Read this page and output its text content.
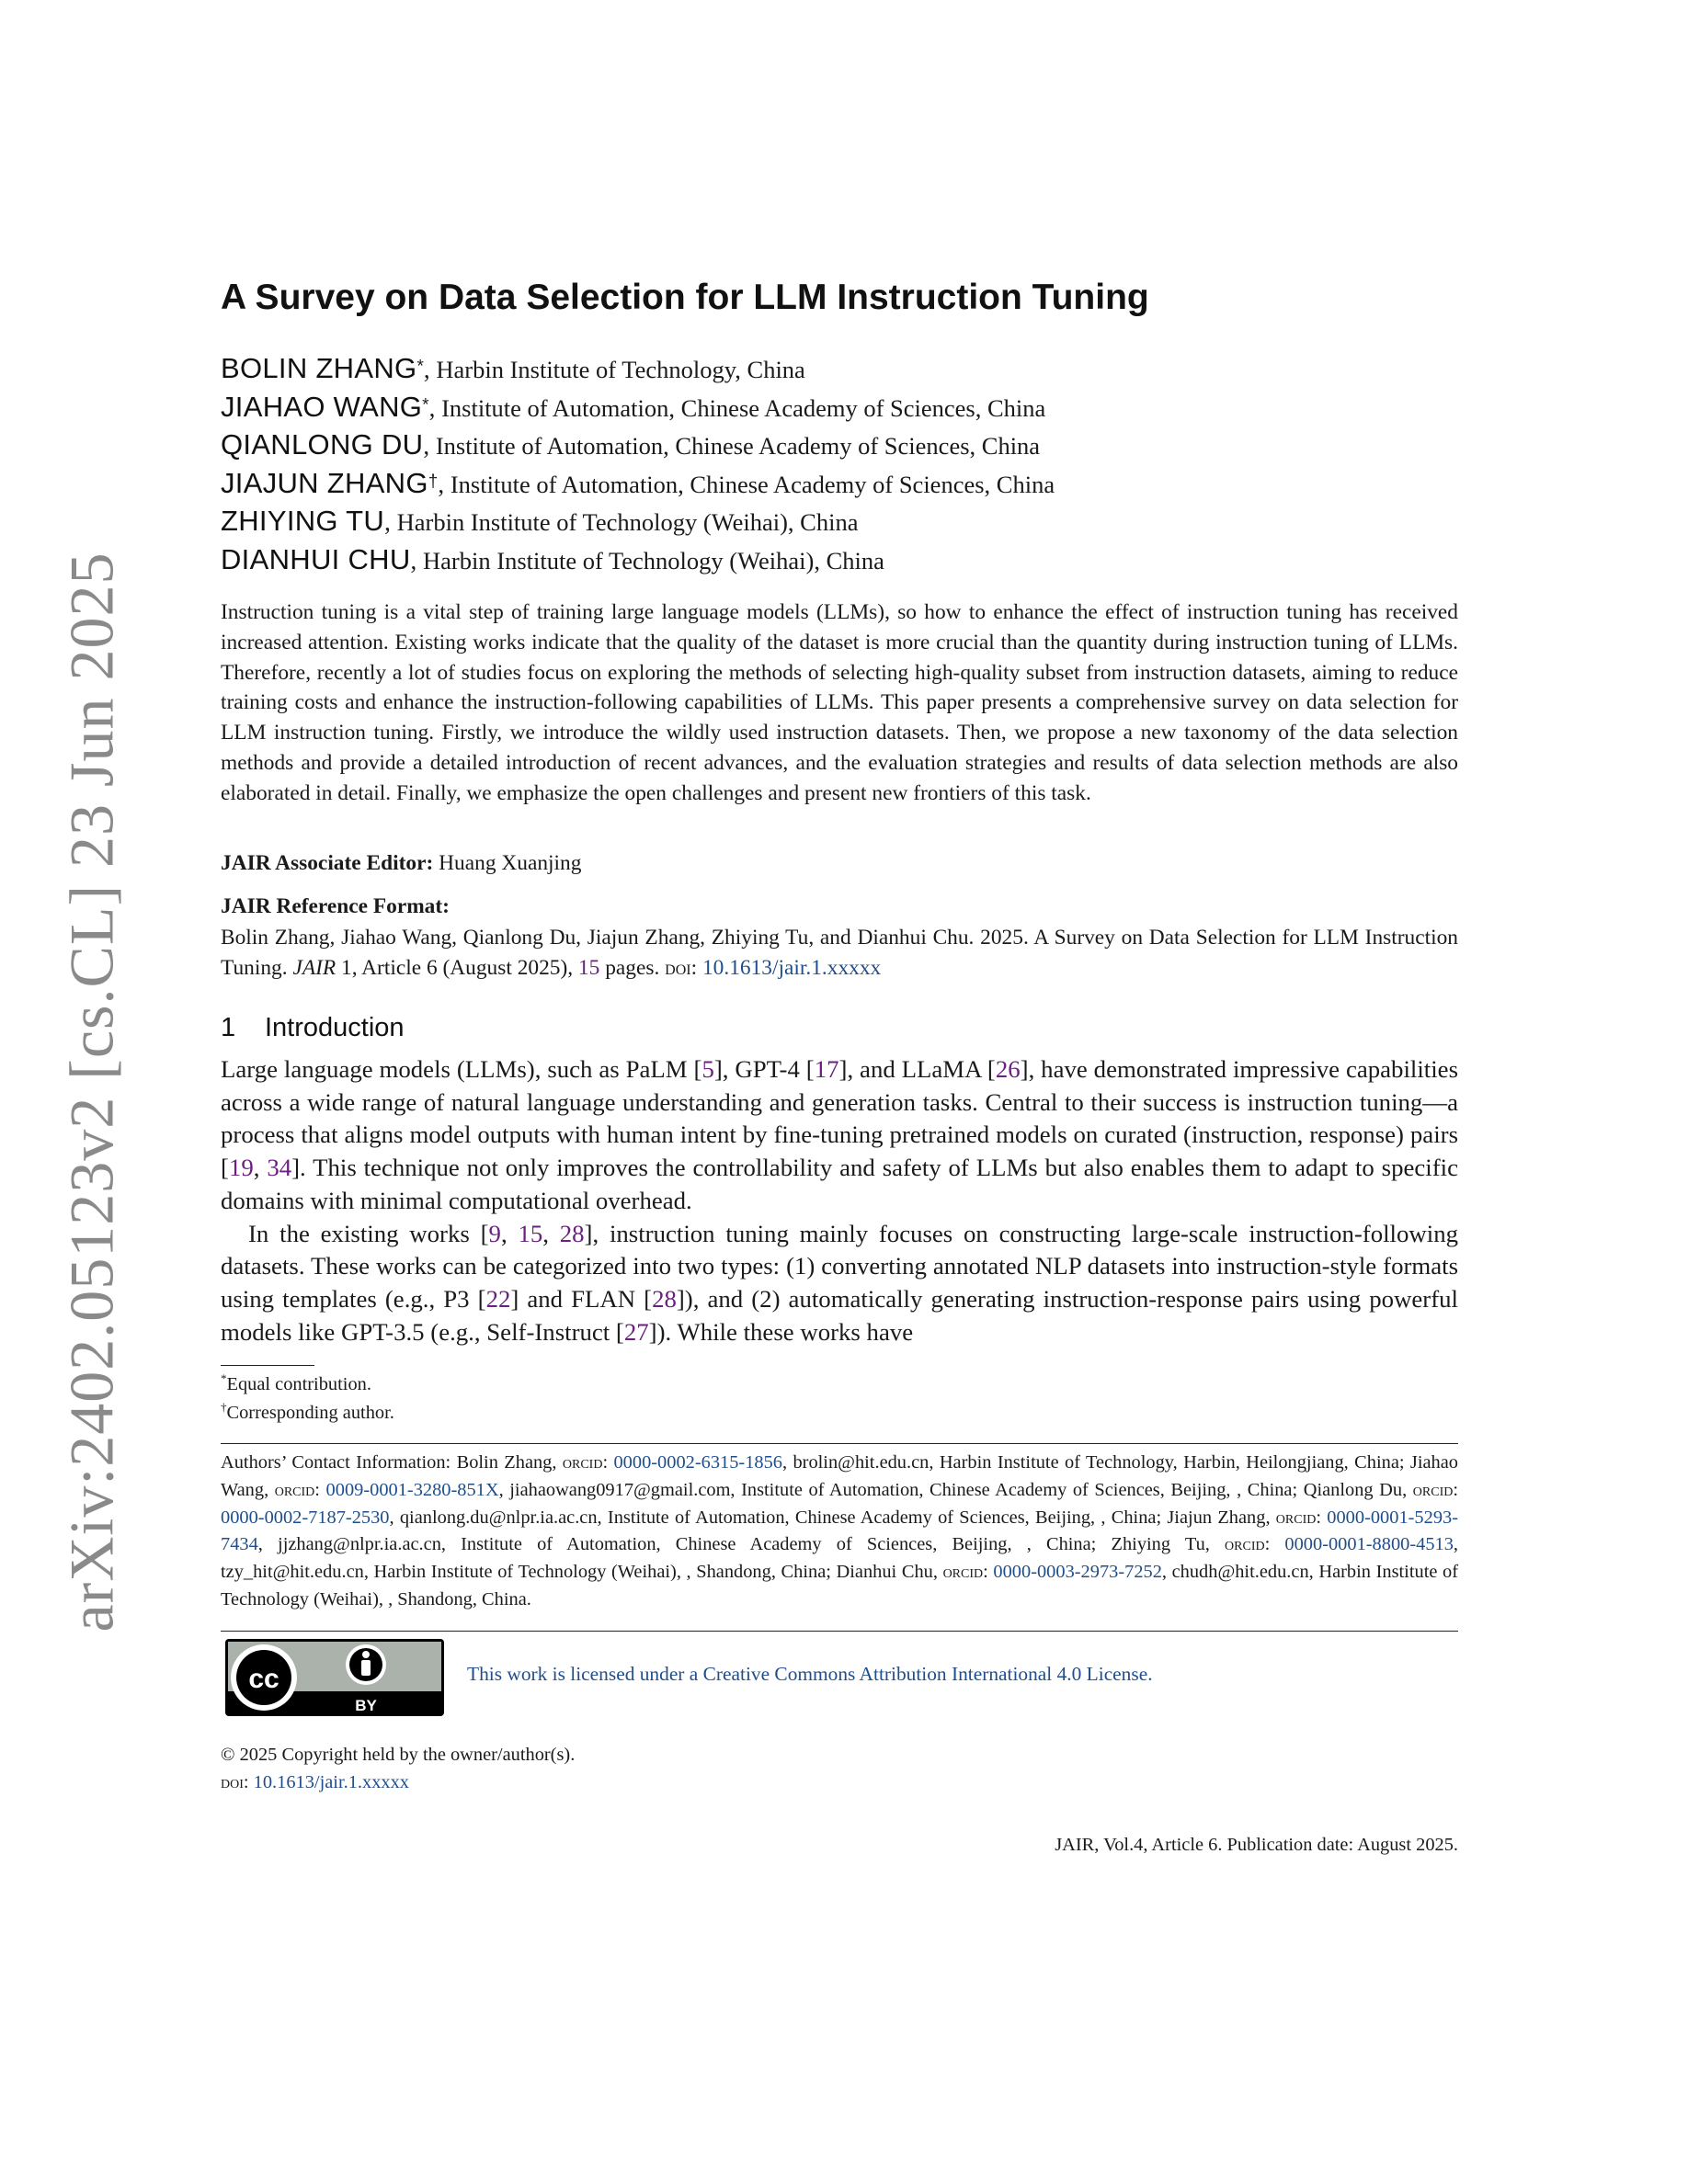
arXiv:2402.05123v2 [cs.CL] 23 Jun 2025
A Survey on Data Selection for LLM Instruction Tuning
BOLIN ZHANG*, Harbin Institute of Technology, China
JIAHAO WANG*, Institute of Automation, Chinese Academy of Sciences, China
QIANLONG DU, Institute of Automation, Chinese Academy of Sciences, China
JIAJUN ZHANG†, Institute of Automation, Chinese Academy of Sciences, China
ZHIYING TU, Harbin Institute of Technology (Weihai), China
DIANHUI CHU, Harbin Institute of Technology (Weihai), China

Instruction tuning is a vital step of training large language models (LLMs), so how to enhance the effect of instruction tuning has received increased attention. Existing works indicate that the quality of the dataset is more crucial than the quantity during instruction tuning of LLMs. Therefore, recently a lot of studies focus on exploring the methods of selecting high-quality subset from instruction datasets, aiming to reduce training costs and enhance the instruction-following capabilities of LLMs. This paper presents a comprehensive survey on data selection for LLM instruction tuning. Firstly, we introduce the wildly used instruction datasets. Then, we propose a new taxonomy of the data selection methods and provide a detailed introduction of recent advances, and the evaluation strategies and results of data selection methods are also elaborated in detail. Finally, we emphasize the open challenges and present new frontiers of this task.

JAIR Associate Editor: Huang Xuanjing
JAIR Reference Format:
Bolin Zhang, Jiahao Wang, Qianlong Du, Jiajun Zhang, Zhiying Tu, and Dianhui Chu. 2025. A Survey on Data Selection for LLM Instruction Tuning. JAIR 1, Article 6 (August 2025), 15 pages. doi: 10.1613/jair.1.xxxxx
1 Introduction

Large language models (LLMs), such as PaLM [5], GPT-4 [17], and LLaMA [26], have demonstrated impressive capabilities across a wide range of natural language understanding and generation tasks. Central to their success is instruction tuning—a process that aligns model outputs with human intent by fine-tuning pretrained models on curated (instruction, response) pairs [19, 34]. This technique not only improves the controllability and safety of LLMs but also enables them to adapt to specific domains with minimal computational overhead.

In the existing works [9, 15, 28], instruction tuning mainly focuses on constructing large-scale instruction-following datasets. These works can be categorized into two types: (1) converting annotated NLP datasets into instruction-style formats using templates (e.g., P3 [22] and FLAN [28]), and (2) automatically generating instruction-response pairs using powerful models like GPT-3.5 (e.g., Self-Instruct [27]). While these works have

*Equal contribution.
†Corresponding author.
Authors’ Contact Information: Bolin Zhang, orcid: 0000-0002-6315-1856, brolin@hit.edu.cn, Harbin Institute of Technology, Harbin, Heilongjiang, China; Jiahao Wang, orcid: 0009-0001-3280-851X, jiahaowang0917@gmail.com, Institute of Automation, Chinese Academy of Sciences, Beijing, , China; Qianlong Du, orcid: 0000-0002-7187-2530, qianlong.du@nlpr.ia.ac.cn, Institute of Automation, Chinese Academy of Sciences, Beijing, , China; Jiajun Zhang, orcid: 0000-0001-5293-7434, jjzhang@nlpr.ia.ac.cn, Institute of Automation, Chinese Academy of Sciences, Beijing, , China; Zhiying Tu, orcid: 0000-0001-8800-4513, tzy_hit@hit.edu.cn, Harbin Institute of Technology (Weihai), , Shandong, China; Dianhui Chu, orcid: 0000-0003-2973-7252, chudh@hit.edu.cn, Harbin Institute of Technology (Weihai), , Shandong, China.
cc
BY
This work is licensed under a Creative Commons Attribution International 4.0 License.
© 2025 Copyright held by the owner/author(s).
doi: 10.1613/jair.1.xxxxx
JAIR, Vol.4, Article 6. Publication date: August 2025.
